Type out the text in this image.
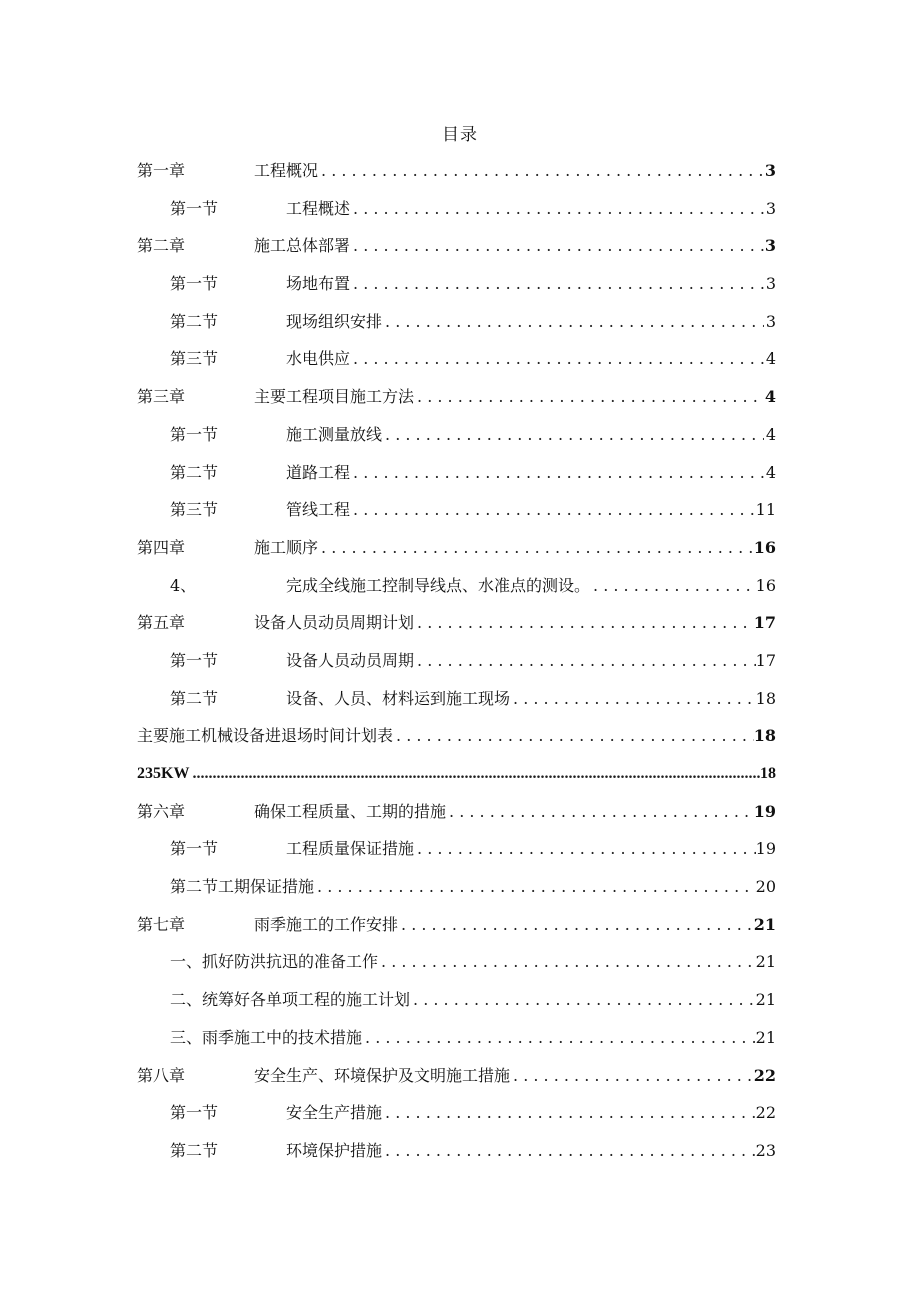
目录
第一章	工程概况 . . .	3
第一节	工程概述 . . .	3
第二章	施工总体部署 . . .	3
第一节	场地布置 . . .	3
第二节	现场组织安排 . . .	3
第三节	水电供应 . . .	4
第三章	主要工程项目施工方法 . . .	4
第一节	施工测量放线 . . .	4
第二节	道路工程 . . .	4
第三节	管线工程 . . .	11
第四章	施工顺序 . . .	16
4、	完成全线施工控制导线点、水准点的测设。 . . .	16
第五章	设备人员动员周期计划 . . .	17
第一节	设备人员动员周期 . . .	17
第二节	设备、人员、材料运到施工现场 . . .	18
主要施工机械设备进退场时间计划表 . . .	18
235KW .....	18
第六章	确保工程质量、工期的措施 . . .	19
第一节	工程质量保证措施 . . .	19
第二节工期保证措施 . . .	20
第七章	雨季施工的工作安排 . . .	21
一、抓好防洪抗迅的准备工作 . . .	21
二、统筹好各单项工程的施工计划 . . .	21
三、雨季施工中的技术措施 . . .	21
第八章	安全生产、环境保护及文明施工措施 . . .	22
第一节	安全生产措施 . . .	22
第二节	环境保护措施 . . .	23
